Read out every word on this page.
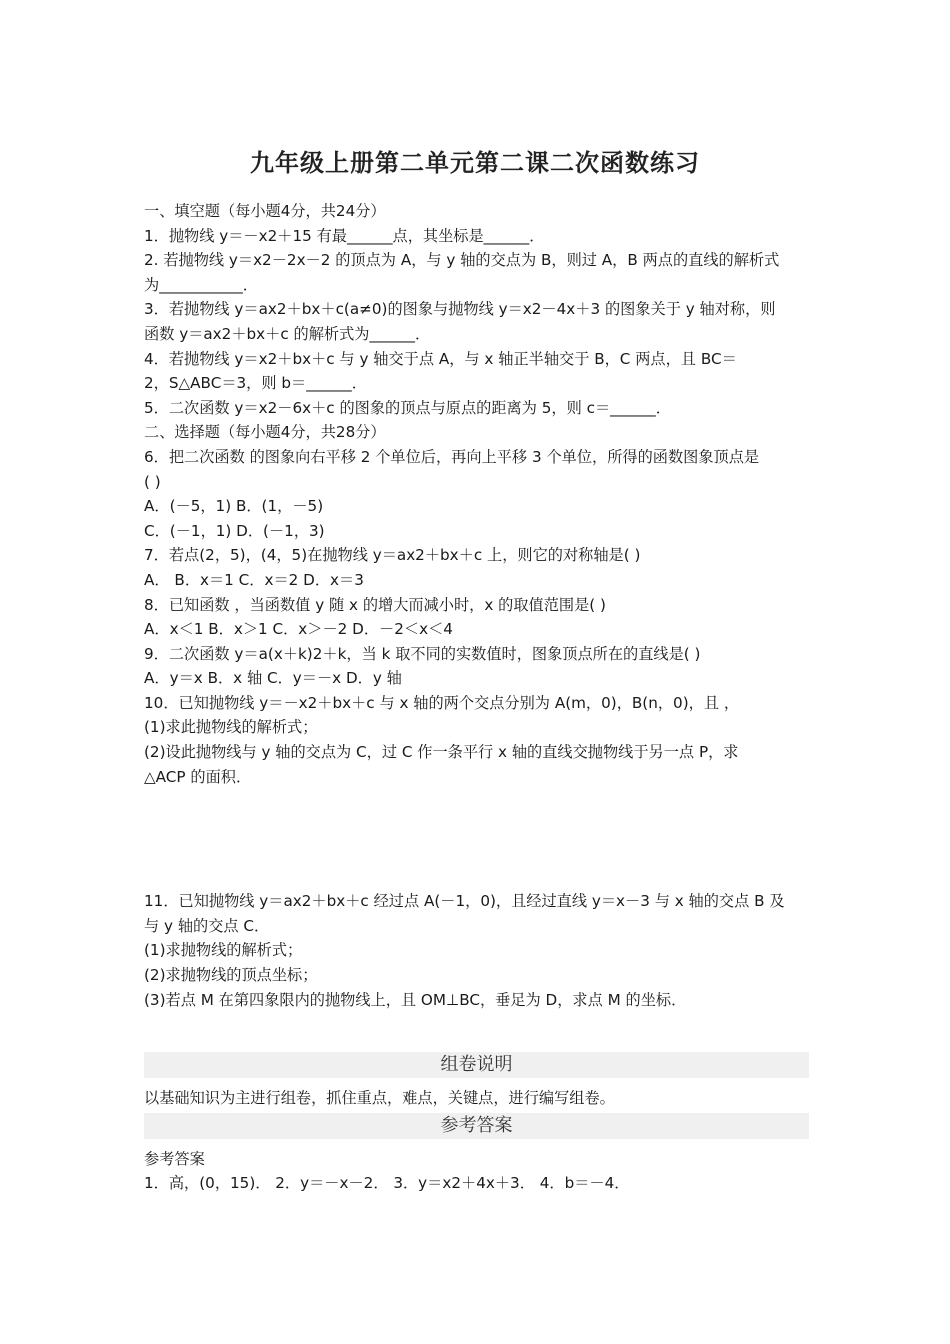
九年级上册第二单元第二课二次函数练习
一、填空题（每小题4分，共24分）
1．抛物线 y＝－x2＋15 有最______点，其坐标是______．
2. 若抛物线 y＝x2－2x－2 的顶点为 A，与 y 轴的交点为 B，则过 A，B 两点的直线的解析式
为___________．
3．若抛物线 y＝ax2＋bx＋c(a≠0)的图象与抛物线 y＝x2－4x＋3 的图象关于 y 轴对称，则
函数 y＝ax2＋bx＋c 的解析式为______．
4．若抛物线 y＝x2＋bx＋c 与 y 轴交于点 A，与 x 轴正半轴交于 B，C 两点，且 BC＝
2，S△ABC＝3，则 b＝______．
5．二次函数 y＝x2－6x＋c 的图象的顶点与原点的距离为 5，则 c＝______．
二、选择题（每小题4分，共28分）
6．把二次函数 的图象向右平移 2 个单位后，再向上平移 3 个单位，所得的函数图象顶点是
( )
A．(－5，1) B．(1，－5)
C．(－1，1) D．(－1，3)
7．若点(2，5)，(4，5)在抛物线 y＝ax2＋bx＋c 上，则它的对称轴是( )
A． B．x＝1 C．x＝2 D．x＝3
8．已知函数 ，当函数值 y 随 x 的增大而减小时，x 的取值范围是( )
A．x＜1 B．x＞1 C．x＞－2 D．－2＜x＜4
9．二次函数 y＝a(x＋k)2＋k，当 k 取不同的实数值时，图象顶点所在的直线是( )
A．y＝x B．x 轴 C．y＝－x D．y 轴
10．已知抛物线 y＝－x2＋bx＋c 与 x 轴的两个交点分别为 A(m，0)，B(n，0)，且 ，
(1)求此抛物线的解析式；
(2)设此抛物线与 y 轴的交点为 C，过 C 作一条平行 x 轴的直线交抛物线于另一点 P，求
△ACP 的面积．
11．已知抛物线 y＝ax2＋bx＋c 经过点 A(－1，0)，且经过直线 y＝x－3 与 x 轴的交点 B 及
与 y 轴的交点 C．
(1)求抛物线的解析式；
(2)求抛物线的顶点坐标；
(3)若点 M 在第四象限内的抛物线上，且 OM⊥BC，垂足为 D，求点 M 的坐标．
组卷说明
以基础知识为主进行组卷，抓住重点，难点，关键点，进行编写组卷。
参考答案
参考答案
1．高，(0，15)． 2．y＝－x－2． 3．y＝x2＋4x＋3． 4．b＝－4．
